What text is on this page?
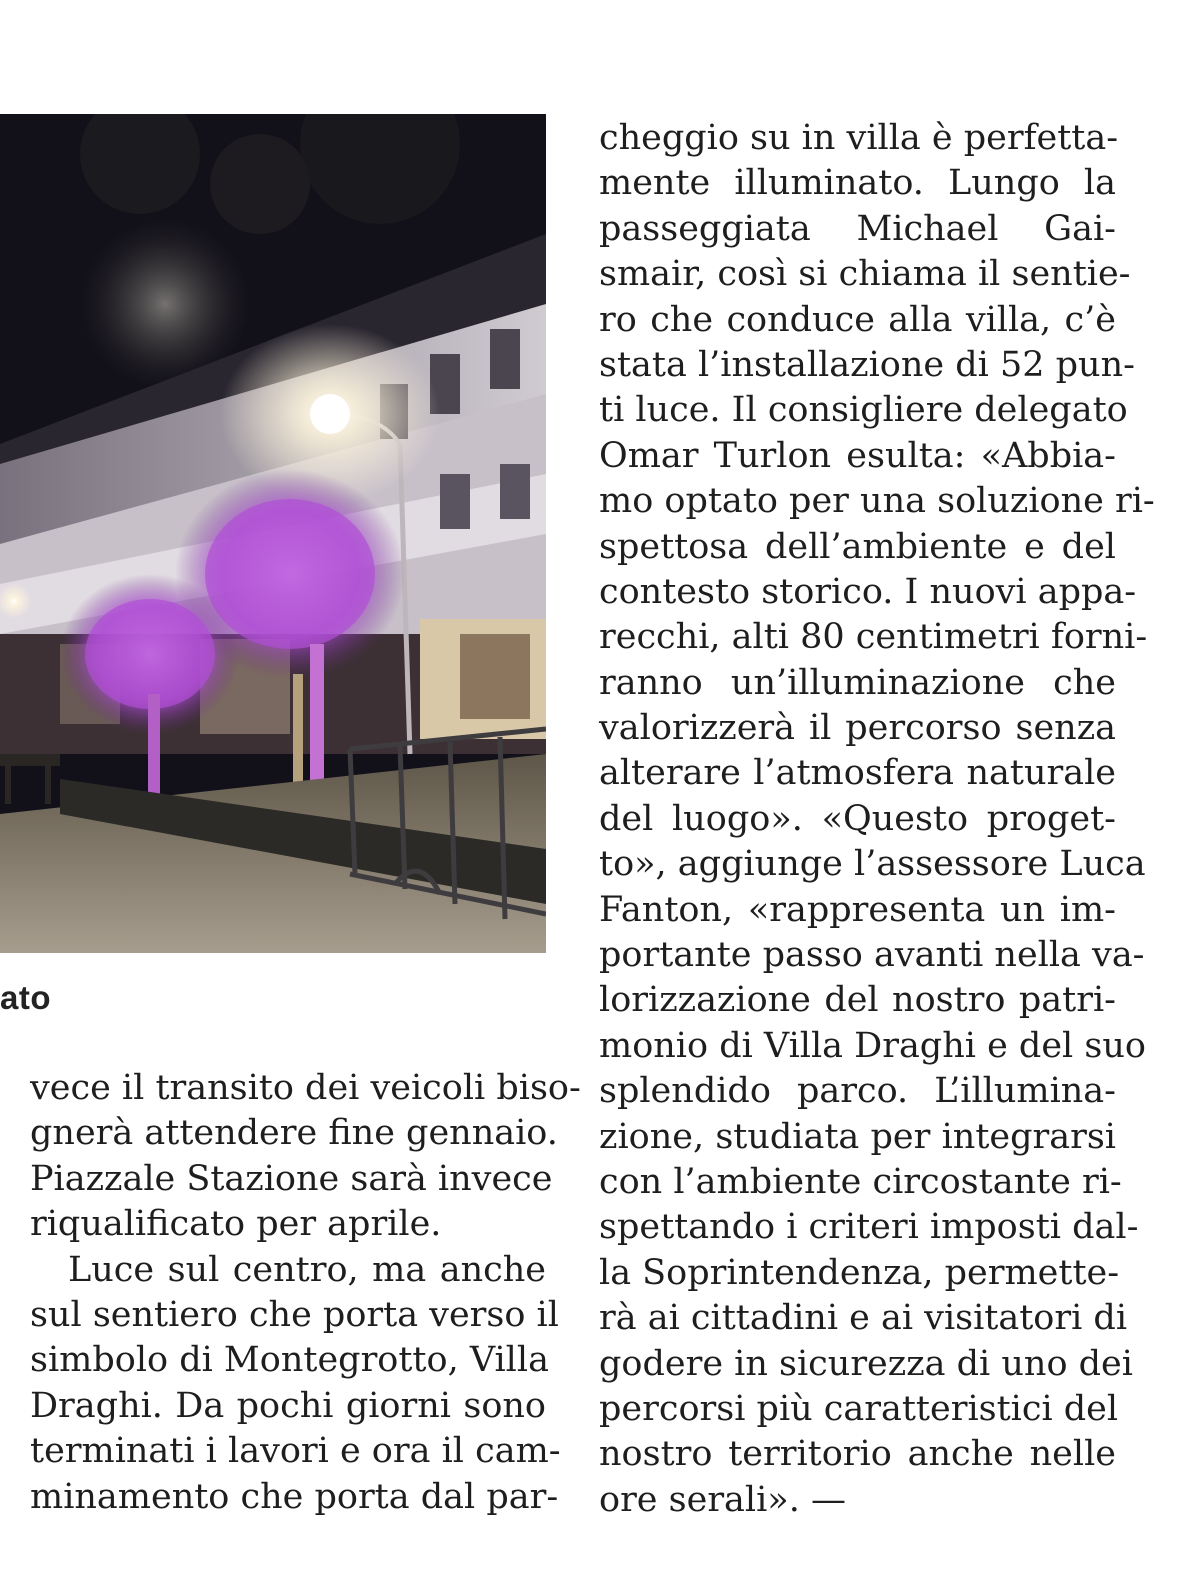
ato
vece il transito dei veicoli biso-
gnerà attendere fine gennaio.
Piazzale Stazione sarà invece
riqualificato per aprile.
Luce sul centro, ma anche
sul sentiero che porta verso il
simbolo di Montegrotto, Villa
Draghi. Da pochi giorni sono
terminati i lavori e ora il cam-
minamento che porta dal par-
cheggio su in villa è perfetta-
mente illuminato. Lungo la
passeggiata Michael Gai-
smair, così si chiama il sentie-
ro che conduce alla villa, c’è
stata l’installazione di 52 pun-
ti luce. Il consigliere delegato
Omar Turlon esulta: «Abbia-
mo optato per una soluzione ri-
spettosa dell’ambiente e del
contesto storico. I nuovi appa-
recchi, alti 80 centimetri forni-
ranno un’illuminazione che
valorizzerà il percorso senza
alterare l’atmosfera naturale
del luogo». «Questo proget-
to», aggiunge l’assessore Luca
Fanton, «rappresenta un im-
portante passo avanti nella va-
lorizzazione del nostro patri-
monio di Villa Draghi e del suo
splendido parco. L’illumina-
zione, studiata per integrarsi
con l’ambiente circostante ri-
spettando i criteri imposti dal-
la Soprintendenza, permette-
rà ai cittadini e ai visitatori di
godere in sicurezza di uno dei
percorsi più caratteristici del
nostro territorio anche nelle
ore serali». —
